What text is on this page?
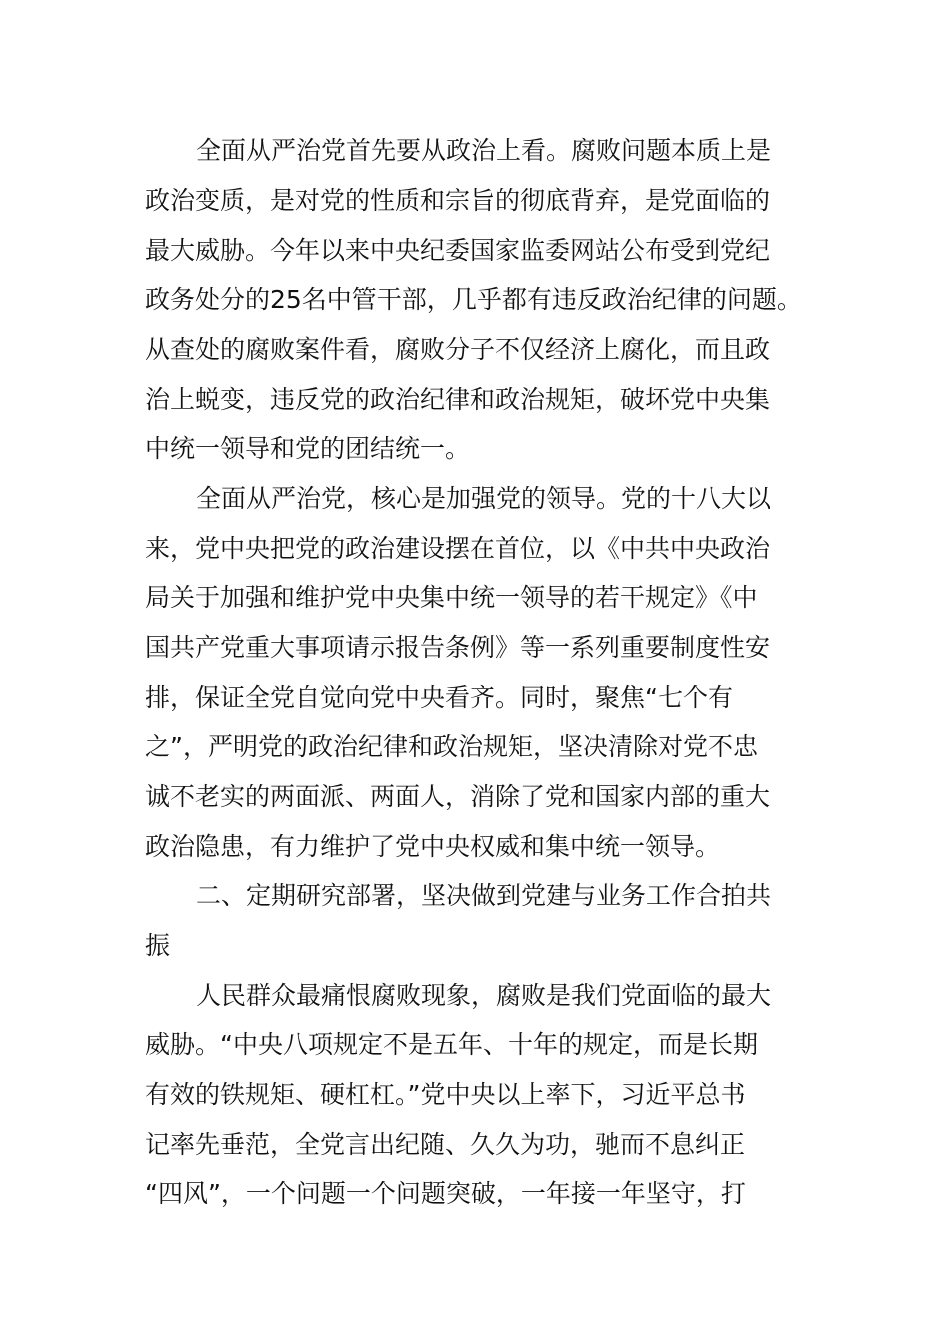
全面从严治党首先要从政治上看。腐败问题本质上是
政治变质，是对党的性质和宗旨的彻底背弃，是党面临的
最大威胁。今年以来中央纪委国家监委网站公布受到党纪
政务处分的25名中管干部，几乎都有违反政治纪律的问题。
从查处的腐败案件看，腐败分子不仅经济上腐化，而且政
治上蜕变，违反党的政治纪律和政治规矩，破坏党中央集
中统一领导和党的团结统一。
全面从严治党，核心是加强党的领导。党的十八大以
来，党中央把党的政治建设摆在首位，以《中共中央政治
局关于加强和维护党中央集中统一领导的若干规定》《中
国共产党重大事项请示报告条例》等一系列重要制度性安
排，保证全党自觉向党中央看齐。同时，聚焦“七个有
之”，严明党的政治纪律和政治规矩，坚决清除对党不忠
诚不老实的两面派、两面人，消除了党和国家内部的重大
政治隐患，有力维护了党中央权威和集中统一领导。
二、定期研究部署，坚决做到党建与业务工作合拍共
振
人民群众最痛恨腐败现象，腐败是我们党面临的最大
威胁。“中央八项规定不是五年、十年的规定，而是长期
有效的铁规矩、硬杠杠。”党中央以上率下，习近平总书
记率先垂范，全党言出纪随、久久为功，驰而不息纠正
“四风”，一个问题一个问题突破，一年接一年坚守，打
